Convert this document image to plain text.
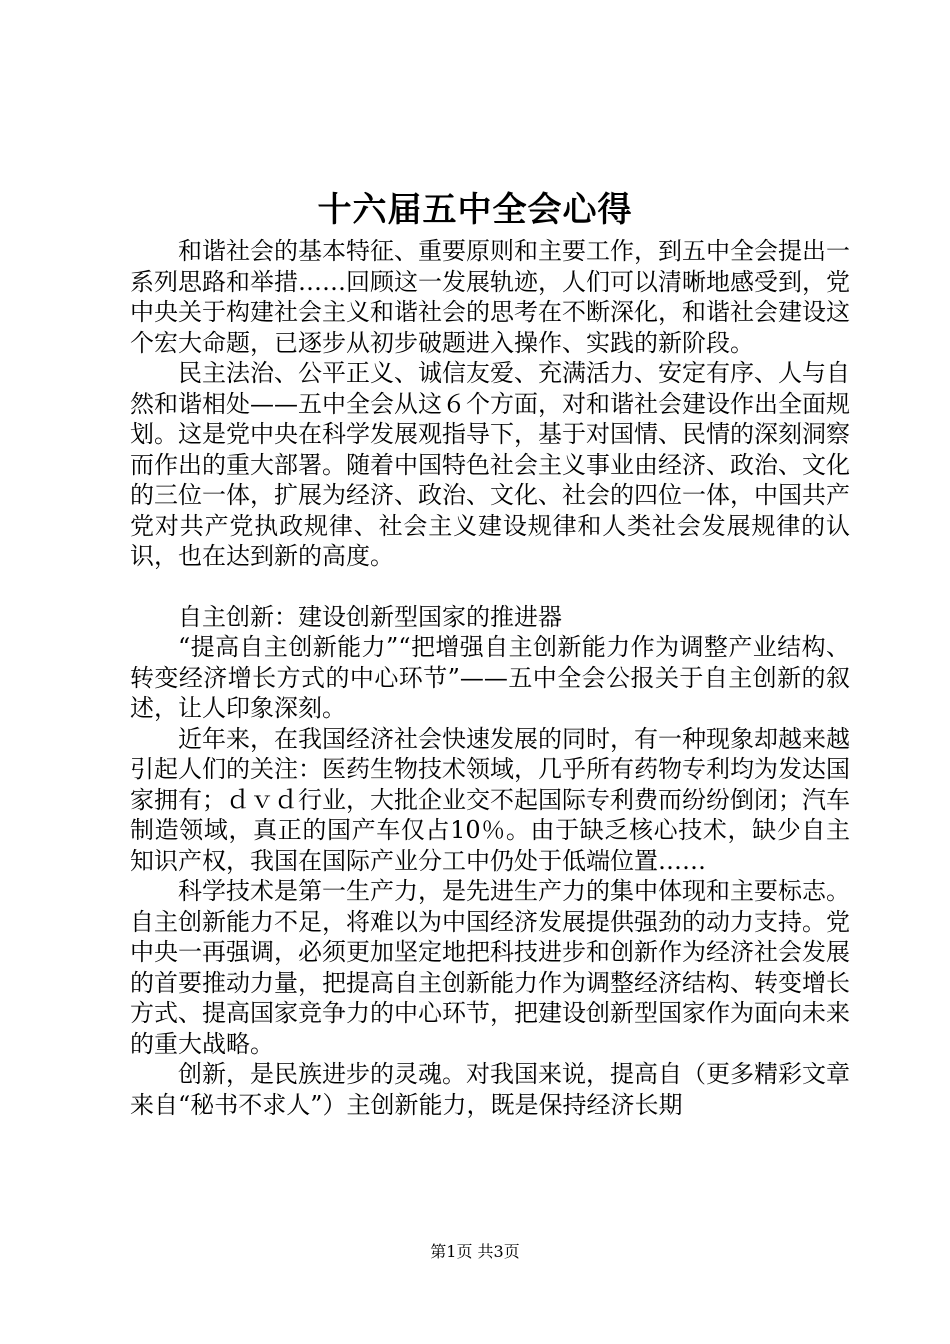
十六届五中全会心得

和谐社会的基本特征、重要原则和主要工作，到五中全会提出一系列思路和举措……回顾这一发展轨迹，人们可以清晰地感受到，党中央关于构建社会主义和谐社会的思考在不断深化，和谐社会建设这个宏大命题，已逐步从初步破题进入操作、实践的新阶段。

民主法治、公平正义、诚信友爱、充满活力、安定有序、人与自然和谐相处——五中全会从这６个方面，对和谐社会建设作出全面规划。这是党中央在科学发展观指导下，基于对国情、民情的深刻洞察而作出的重大部署。随着中国特色社会主义事业由经济、政治、文化的三位一体，扩展为经济、政治、文化、社会的四位一体，中国共产党对共产党执政规律、社会主义建设规律和人类社会发展规律的认识，也在达到新的高度。

自主创新：建设创新型国家的推进器

“提高自主创新能力”“把增强自主创新能力作为调整产业结构、转变经济增长方式的中心环节”——五中全会公报关于自主创新的叙述，让人印象深刻。

近年来，在我国经济社会快速发展的同时，有一种现象却越来越引起人们的关注：医药生物技术领域，几乎所有药物专利均为发达国家拥有；ｄｖｄ行业，大批企业交不起国际专利费而纷纷倒闭；汽车制造领域，真正的国产车仅占10％。由于缺乏核心技术，缺少自主知识产权，我国在国际产业分工中仍处于低端位置……

科学技术是第一生产力，是先进生产力的集中体现和主要标志。自主创新能力不足，将难以为中国经济发展提供强劲的动力支持。党中央一再强调，必须更加坚定地把科技进步和创新作为经济社会发展的首要推动力量，把提高自主创新能力作为调整经济结构、转变增长方式、提高国家竞争力的中心环节，把建设创新型国家作为面向未来的重大战略。

创新，是民族进步的灵魂。对我国来说，提高自（更多精彩文章来自“秘书不求人”）主创新能力，既是保持经济长期

第1页 共3页
